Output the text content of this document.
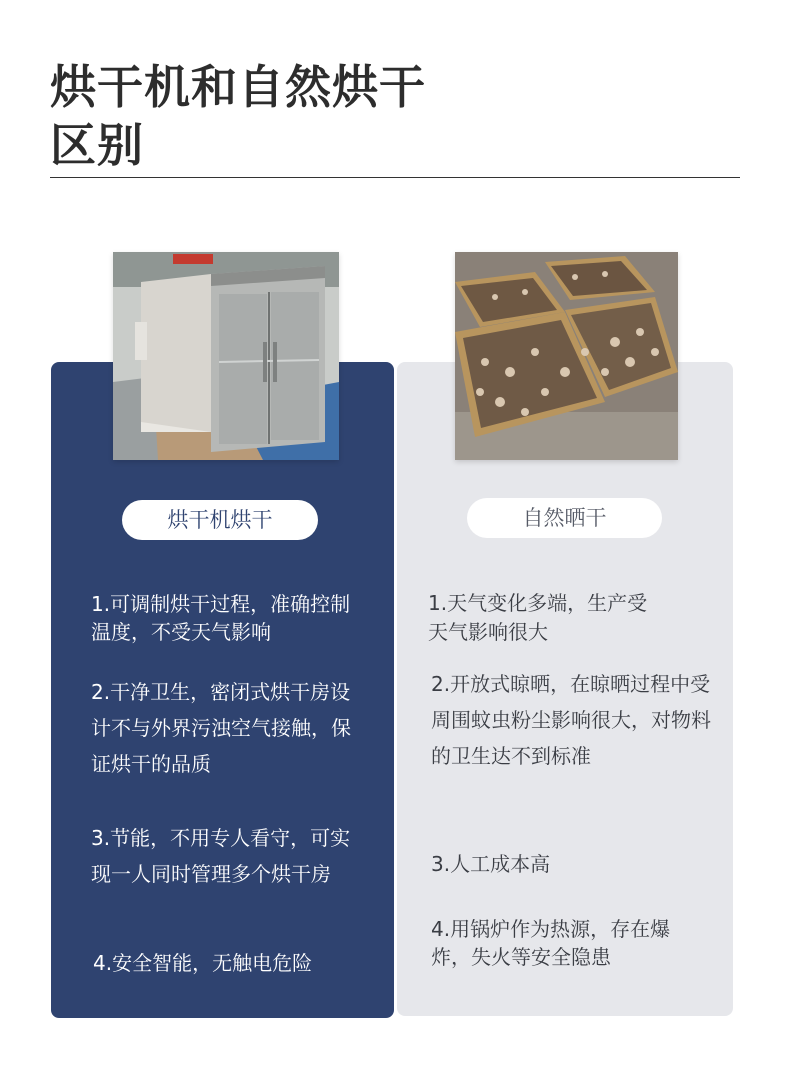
烘干机和自然烘干
区别
烘干机烘干	自然晒干
1.可调制烘干过程，准确控制温度，不受天气影响
2.干净卫生，密闭式烘干房设计不与外界污浊空气接触，保证烘干的品质
3.节能，不用专人看守，可实现一人同时管理多个烘干房
4.安全智能，无触电危险
1.天气变化多端，生产受天气影响很大
2.开放式晾晒，在晾晒过程中受周围蚊虫粉尘影响很大，对物料的卫生达不到标准
3.人工成本高
4.用锅炉作为热源，存在爆炸，失火等安全隐患
